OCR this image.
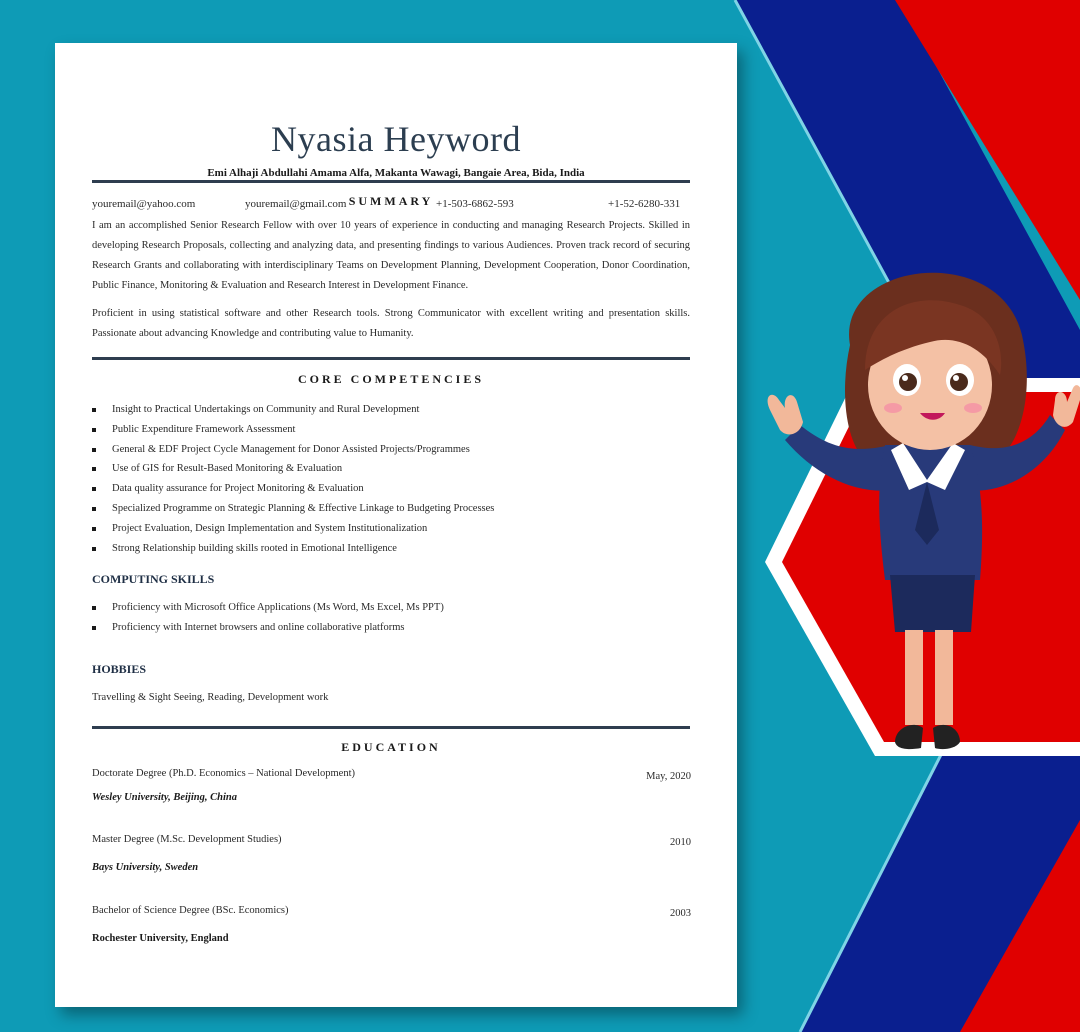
Nyasia Heyword
Emi Alhaji Abdullahi Amama Alfa, Makanta Wawagi, Bangaie Area, Bida, India
youremail@yahoo.com	youremail@gmail.com	+1-503-6862-593	+1-52-6280-331
SUMMARY

I am an accomplished Senior Research Fellow with over 10 years of experience in conducting and managing Research Projects. Skilled in developing Research Proposals, collecting and analyzing data, and presenting findings to various Audiences. Proven track record of securing Research Grants and collaborating with interdisciplinary Teams on Development Planning, Development Cooperation, Donor Coordination, Public Finance, Monitoring & Evaluation and Research Interest in Development Finance.

Proficient in using statistical software and other Research tools. Strong Communicator with excellent writing and presentation skills. Passionate about advancing Knowledge and contributing value to Humanity.

CORE COMPETENCIES
Insight to Practical Undertakings on Community and Rural Development
Public Expenditure Framework Assessment
General & EDF Project Cycle Management for Donor Assisted Projects/Programmes
Use of GIS for Result-Based Monitoring & Evaluation
Data quality assurance for Project Monitoring & Evaluation
Specialized Programme on Strategic Planning & Effective Linkage to Budgeting Processes
Project Evaluation, Design Implementation and System Institutionalization
Strong Relationship building skills rooted in Emotional Intelligence
COMPUTING SKILLS
Proficiency with Microsoft Office Applications (Ms Word, Ms Excel, Ms PPT)
Proficiency with Internet browsers and online collaborative platforms
HOBBIES
Travelling & Sight Seeing, Reading, Development work
EDUCATION
Doctorate Degree (Ph.D. Economics – National Development)	May, 2020
Wesley University, Beijing, China
Master Degree (M.Sc. Development Studies)	2010
Bays University, Sweden
Bachelor of Science Degree (BSc. Economics)	2003
Rochester University, England
